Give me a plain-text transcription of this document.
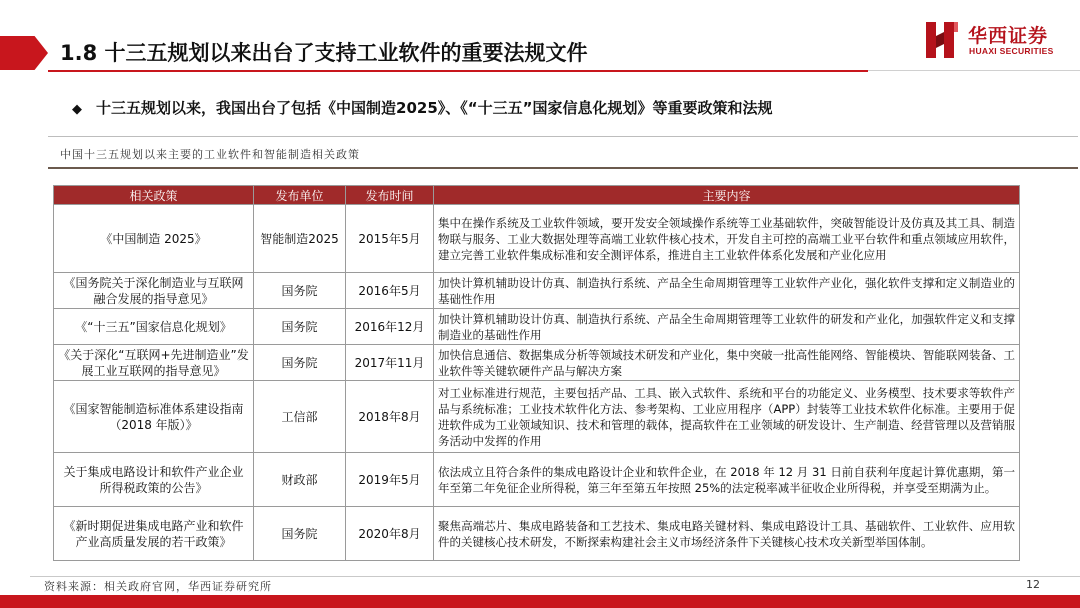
1.8 十三五规划以来出台了支持工业软件的重要法规文件
华西证券
HUAXI SECURITIES
◆ 十三五规划以来，我国出台了包括《中国制造2025》、《“十三五”国家信息化规划》等重要政策和法规
中国十三五规划以来主要的工业软件和智能制造相关政策
相关政策	发布单位	发布时间	主要内容
《中国制造 2025》	智能制造2025	2015年5月	集中在操作系统及工业软件领域，要开发安全领域操作系统等工业基础软件，突破智能设计及仿真及其工具、制造物联与服务、工业大数据处理等高端工业软件核心技术，开发自主可控的高端工业平台软件和重点领域应用软件，建立完善工业软件集成标准和安全测评体系，推进自主工业软件体系化发展和产业化应用
《国务院关于深化制造业与互联网融合发展的指导意见》	国务院	2016年5月	加快计算机辅助设计仿真、制造执行系统、产品全生命周期管理等工业软件产业化，强化软件支撑和定义制造业的基础性作用
《“十三五”国家信息化规划》	国务院	2016年12月	加快计算机辅助设计仿真、制造执行系统、产品全生命周期管理等工业软件的研发和产业化，加强软件定义和支撑制造业的基础性作用
《关于深化“互联网+先进制造业”发展工业互联网的指导意见》	国务院	2017年11月	加快信息通信、数据集成分析等领域技术研发和产业化，集中突破一批高性能网络、智能模块、智能联网装备、工业软件等关键软硬件产品与解决方案
《国家智能制造标准体系建设指南（2018 年版）》	工信部	2018年8月	对工业标准进行规范，主要包括产品、工具、嵌入式软件、系统和平台的功能定义、业务模型、技术要求等软件产品与系统标准；工业技术软件化方法、参考架构、工业应用程序（APP）封装等工业技术软件化标准。主要用于促进软件成为工业领域知识、技术和管理的载体，提高软件在工业领域的研发设计、生产制造、经营管理以及营销服务活动中发挥的作用
关于集成电路设计和软件产业企业所得税政策的公告》	财政部	2019年5月	依法成立且符合条件的集成电路设计企业和软件企业，在 2018 年 12 月 31 日前自获利年度起计算优惠期，第一年至第二年免征企业所得税，第三年至第五年按照 25%的法定税率减半征收企业所得税，并享受至期满为止。
《新时期促进集成电路产业和软件产业高质量发展的若干政策》	国务院	2020年8月	聚焦高端芯片、集成电路装备和工艺技术、集成电路关键材料、集成电路设计工具、基础软件、工业软件、应用软件的关键核心技术研发，不断探索构建社会主义市场经济条件下关键核心技术攻关新型举国体制。
资料来源：相关政府官网，华西证券研究所	12
